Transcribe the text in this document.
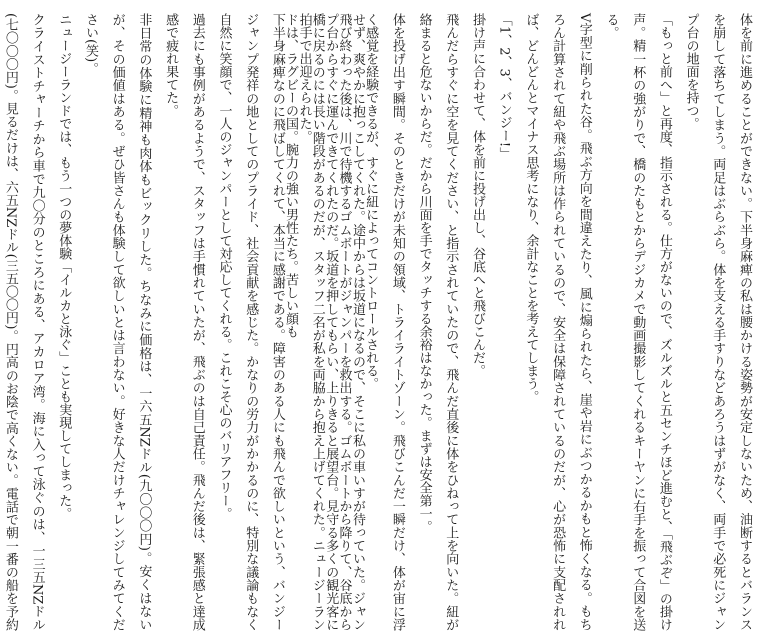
体を前に進めることができない。下半身麻痺の私は腰かける姿勢が安定しないため、油断するとバランスを崩して落ちてしまう。両足はぶらぶら。体を支える手すりなどあろうはずがなく、両手で必死にジャンプ台の地面を持つ。

「もっと前へ」と再度、指示される。仕方がないので、ズルズルと五センチほど進むと、「飛ぶぞ」の掛け声。精一杯の強がりで、橋のたもとからデジカメで動画撮影してくれるキーヤンに右手を振って合図を送る。

V字型に削られた谷。飛ぶ方向を間違えたり、風に煽られたら、崖や岩にぶつかるかもと怖くなる。もちろん計算されて紐や飛ぶ場所は作られているので、安全は保障されているのだが、心が恐怖に支配されれば、どんどんとマイナス思考になり、余計なことを考えてしまう。

「1、2、3、バンジー!」

掛け声に合わせて、体を前に投げ出し、谷底へと飛びこんだ。

飛んだらすぐに空を見てください、と指示されていたので、飛んだ直後に体をひねって上を向いた。紐が絡まると危ないからだ。だから川面を手でタッチする余裕はなかった。まずは安全第一。

体を投げ出す瞬間。そのときだけが未知の領域、トライライトゾーン。飛びこんだ一瞬だけ、体が宙に浮く感覚を経験できるが、すぐに紐によってコントロールされる。

飛び終わった後は、川で待機するゴムボートがジャンパーを救出する。ゴムボートから降りて、谷底から橋に戻るのには長い階段があるのだが、スタッフ二名が私を両脇から抱え上げてくれた。ニュージーランドは、ラグビーの国。腕力の強い男性たち。苦しい顔も	せず、爽やかに抱っこしてくれた。途中からは坂道になるので、そこに私の車いすが待っていた。ジャンプ台からすぐに運んできてくれたのだ。坂道を押してもらい、上りきると展望台。見守る多くの観光客に拍手で出迎えられた。

下半身麻痺なのに飛ばしてくれて、本当に感謝である。障害のある人にも飛んで欲しいという、バンジージャンプ発祥の地としてのプライド、社会貢献を感じた。かなりの労力がかかるのに、特別な議論もなく自然に笑顔で、一人のジャンパーとして対応してくれる。これこそ心のバリアフリー。

過去にも事例があるようで、スタッフは手慣れていたが、飛ぶのは自己責任。飛んだ後は、緊張感と達成感で疲れ果てた。

非日常の体験に精神も肉体もビックリした。ちなみに価格は、一六五NZドル(九〇〇〇円)。安くはないが、その価値はある。ぜひ皆さんも体験して欲しいとは言わない。好きな人だけチャレンジしてみてください(笑)。

ニュージーランドでは、もう一つの夢体験「イルカと泳ぐ」ことも実現してしまった。

クライストチャーチから車で九〇分のところにある、アカロア湾。海に入って泳ぐのは、一三五NZドル(七〇〇〇円)。見るだけは、六五NZドル(三五〇〇円)。円高のお陰で高くない。電話で朝一番の船を予約
